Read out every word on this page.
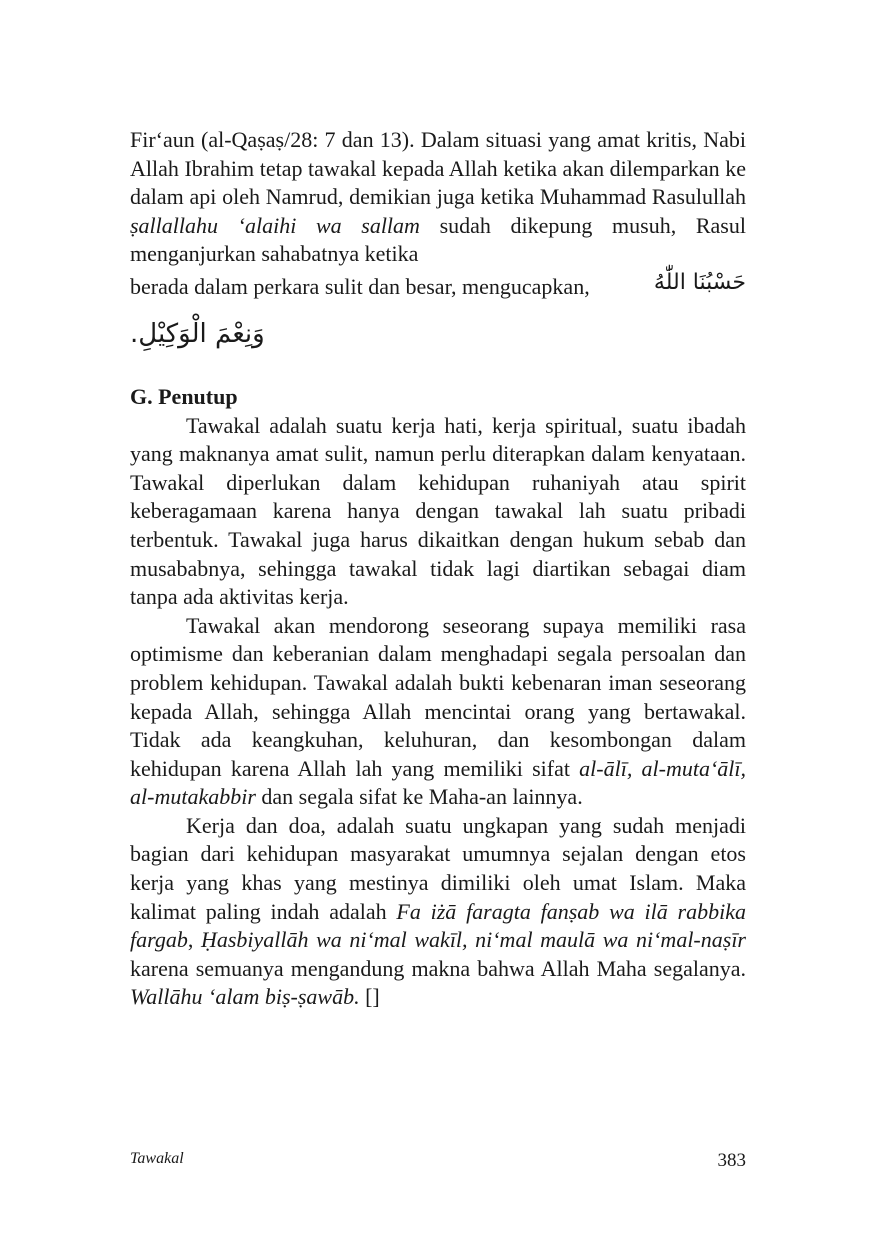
Fir‘aun (al-Qaṣaṣ/28: 7 dan 13). Dalam situasi yang amat kritis, Nabi Allah Ibrahim tetap tawakal kepada Allah ketika akan dilemparkan ke dalam api oleh Namrud, demikian juga ketika Muhammad Rasulullah ṣallallahu ‘alaihi wa sallam sudah dikepung musuh, Rasul menganjurkan sahabatnya ketika

berada dalam perkara sulit dan besar, mengucapkan,	حَسْبُنَا اللّٰهُ

وَنِعْمَ الْوَكِيْلِ.

G. Penutup

Tawakal adalah suatu kerja hati, kerja spiritual, suatu ibadah yang maknanya amat sulit, namun perlu diterapkan dalam kenyataan. Tawakal diperlukan dalam kehidupan ruhaniyah atau spirit keberagamaan karena hanya dengan tawakal lah suatu pribadi terbentuk. Tawakal juga harus dikaitkan dengan hukum sebab dan musababnya, sehingga tawakal tidak lagi diartikan sebagai diam tanpa ada aktivitas kerja.

Tawakal akan mendorong seseorang supaya memiliki rasa optimisme dan keberanian dalam menghadapi segala persoalan dan problem kehidupan. Tawakal adalah bukti kebenaran iman seseorang kepada Allah, sehingga Allah mencintai orang yang bertawakal. Tidak ada keangkuhan, keluhuran, dan kesombongan dalam kehidupan karena Allah lah yang memiliki sifat al-ālī, al-muta‘ālī, al-mutakabbir dan segala sifat ke Maha-an lainnya.

Kerja dan doa, adalah suatu ungkapan yang sudah menjadi bagian dari kehidupan masyarakat umumnya sejalan dengan etos kerja yang khas yang mestinya dimiliki oleh umat Islam. Maka kalimat paling indah adalah Fa iżā faragta fanṣab wa ilā rabbika fargab, Ḥasbiyallāh wa ni‘mal wakīl, ni‘mal maulā wa ni‘mal-naṣīr karena semuanya mengandung makna bahwa Allah Maha segalanya. Wallāhu ‘alam biṣ-ṣawāb. []

Tawakal	383
